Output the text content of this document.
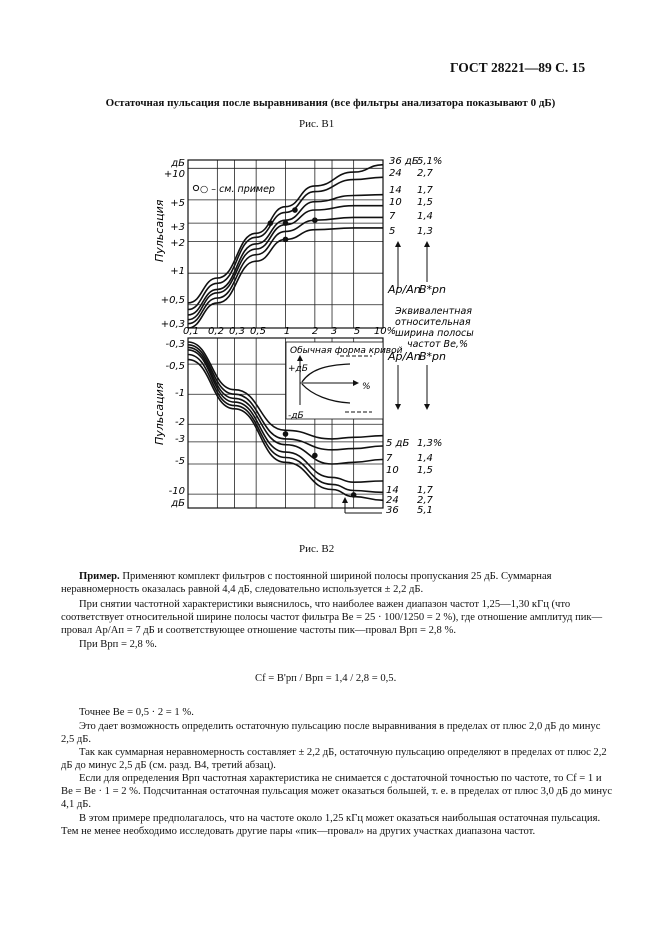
ГОСТ 28221—89 С. 15
Остаточная пульсация после выравнивания (все фильтры анализатора показывают 0 дБ)
Рис. В1
дБ
+10
+5
+3
+2
+1
+0,5
+0,3
Пульсация
○ – см. пример
0,1 0,2 0,3 0,5 1 2 3 5 10%
36 дБ
24
14
10
7
5
5,1%
2,7
1,7
1,5
1,4
1,3
Ap/An
B*pn
Эквивалентная
относительная
ширина полосы
частот Be,%
-0,3
-0,5
-1
-2
-3
-5
-10
дБ
Пульсация
Обычная форма кривой
+дБ
-дБ
%
Ap/An
B*pn
5 дБ
7
10
14
24
36
1,3%
1,4
1,5
1,7
2,7
5,1
Рис. В2
Пример. Применяют комплект фильтров с постоянной шириной полосы пропускания 25 дБ. Суммарная неравномерность оказалась равной 4,4 дБ, следовательно используется ± 2,2 дБ.
При снятии частотной характеристики выяснилось, что наиболее важен диапазон частот 1,25—1,30 кГц (что соответствует относительной ширине полосы частот фильтра Bе = 25 · 100/1250 = 2 %), где отношение амплитуд пик—провал Aр/Aп = 7 дБ и соответствующее отношение частоты пик—провал Bрп = 2,8 %.
При Bрп = 2,8 %.
Cf = B'рп / Bрп = 1,4 / 2,8 = 0,5.
Точнее Bе = 0,5 · 2 = 1 %.
Это дает возможность определить остаточную пульсацию после выравнивания в пределах от плюс 2,0 дБ до минус 2,5 дБ.
Так как суммарная неравномерность составляет ± 2,2 дБ, остаточную пульсацию определяют в пределах от плюс 2,2 дБ до минус 2,5 дБ (см. разд. В4, третий абзац).
Если для определения Bрп частотная характеристика не снимается с достаточной точностью по частоте, то Cf = 1 и Bе = Bе · 1 = 2 %. Подсчитанная остаточная пульсация может оказаться большей, т. е. в пределах от плюс 3,0 дБ до минус 4,1 дБ.
В этом примере предполагалось, что на частоте около 1,25 кГц может оказаться наибольшая остаточная пульсация. Тем не менее необходимо исследовать другие пары «пик—провал» на других участках диапазона частот.
